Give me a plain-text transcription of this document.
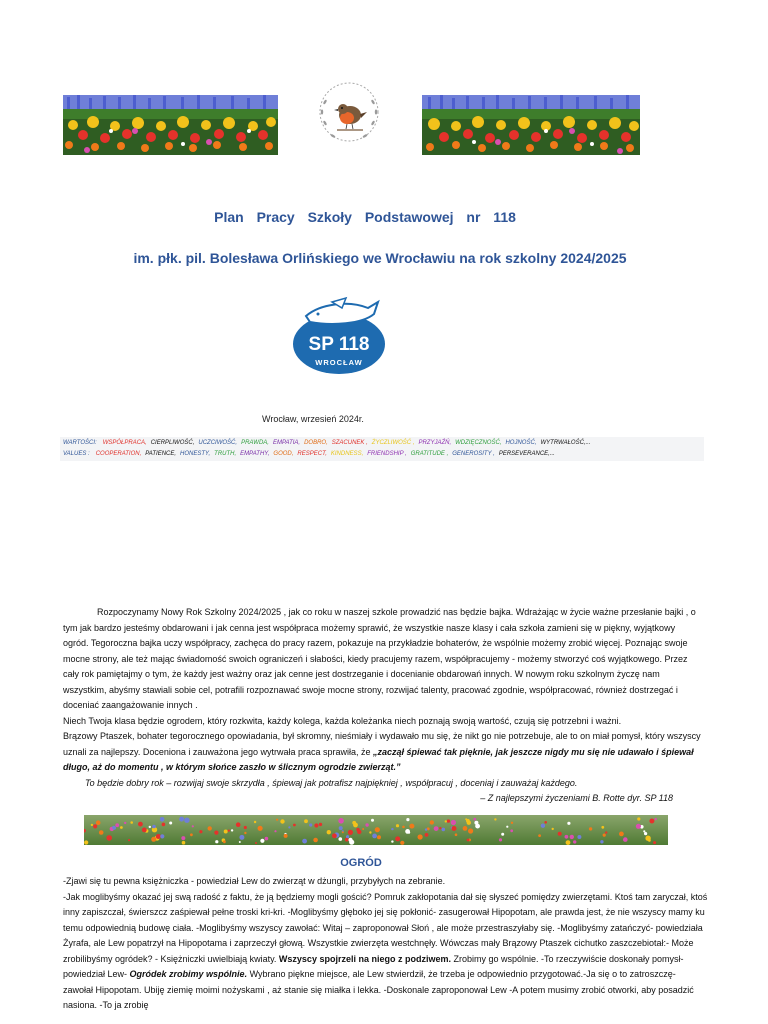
Plan Pracy Szkoły Podstawowej nr 118
im. płk. pil. Bolesława Orlińskiego we Wrocławiu na rok szkolny 2024/2025
SP 118
WROCŁAW
Wrocław, wrzesień 2024r.
WARTOŚCI: WSPÓŁPRACA, CIERPLIWOŚĆ, UCZCIWOŚĆ, PRAWDA, EMPATIA, DOBRO, SZACUNEK , ŻYCZLIWOŚĆ , PRZYJAŹŃ, WDZIĘCZNOŚĆ, HOJNOŚĆ, WYTRWAŁOŚĆ,...
VALUES : COOPERATION, PATIENCE, HONESTY, TRUTH, EMPATHY, GOOD, RESPECT, KINDNESS, FRIENDSHIP , GRATITUDE , GENEROSITY , PERSEVERANCE,...

Rozpoczynamy Nowy Rok Szkolny 2024/2025 , jak co roku w naszej szkole prowadzić nas będzie bajka. Wdrażając w życie ważne przesłanie bajki , o tym jak bardzo jesteśmy obdarowani i jak cenna jest współpraca możemy sprawić, że wszystkie nasze klasy i cała szkoła zamieni się w piękny, wyjątkowy ogród. Tegoroczna bajka uczy współpracy, zachęca do pracy razem, pokazuje na przykładzie bohaterów, że wspólnie możemy zrobić więcej. Poznając swoje mocne strony, ale też mając świadomość swoich ograniczeń i słabości, kiedy pracujemy razem, współpracujemy - możemy stworzyć coś wyjątkowego. Przez cały rok pamiętajmy o tym, że każdy jest ważny oraz jak cenne jest dostrzeganie i docenianie obdarowań innych. W nowym roku szkolnym życzę nam wszystkim, abyśmy stawiali sobie cel, potrafili rozpoznawać swoje mocne strony, rozwijać talenty, pracować zgodnie, współpracować, również dostrzegać i doceniać zaangażowanie innych .

Niech Twoja klasa będzie ogrodem, który rozkwita, każdy kolega, każda koleżanka niech poznają swoją wartość, czują się potrzebni i ważni.

Brązowy Ptaszek, bohater tegorocznego opowiadania, był skromny, nieśmiały i wydawało mu się, że nikt go nie potrzebuje, ale to on miał pomysł, który wszyscy uznali za najlepszy. Doceniona i zauważona jego wytrwała praca sprawiła, że „zaczął śpiewać tak pięknie, jak jeszcze nigdy mu się nie udawało i śpiewał długo, aż do momentu , w którym słońce zaszło w ślicznym ogrodzie zwierząt.”

To będzie dobry rok – rozwijaj swoje skrzydła , śpiewaj jak potrafisz najpiękniej , współpracuj , doceniaj i zauważaj każdego.

– Z najlepszymi życzeniami B. Rotte dyr. SP 118

OGRÓD

-Zjawi się tu pewna księżniczka - powiedział Lew do zwierząt w dżungli, przybyłych na zebranie.

-Jak moglibyśmy okazać jej swą radość z faktu, że ją będziemy mogli gościć? Pomruk zakłopotania dał się słyszeć pomiędzy zwierzętami. Ktoś tam zaryczał, ktoś inny zapiszczał, świerszcz zaśpiewał pełne troski kri-kri. -Moglibyśmy głęboko jej się pokłonić- zasugerował Hipopotam, ale prawda jest, że nie wszyscy mamy ku temu odpowiednią budowę ciała. -Moglibyśmy wszyscy zawołać: Witaj – zaproponował Słoń , ale może przestraszyłaby się. -Moglibyśmy zatańczyć- powiedziała Żyrafa, ale Lew popatrzył na Hipopotama i zaprzeczył głową. Wszystkie zwierzęta westchnęły. Wówczas mały Brązowy Ptaszek cichutko zaszczebiotał:- Może zrobilibyśmy ogródek? - Księżniczki uwielbiają kwiaty. Wszyscy spojrzeli na niego z podziwem. Zrobimy go wspólnie. -To rzeczywiście doskonały pomysł-powiedział Lew- Ogródek zrobimy wspólnie. Wybrano piękne miejsce, ale Lew stwierdził, że trzeba je odpowiednio przygotować.-Ja się o to zatroszczę- zawołał Hipopotam. Ubiję ziemię moimi nożyskami , aż stanie się miałka i lekka. -Doskonale zaproponował Lew -A potem musimy zrobić otworki, aby posadzić nasiona. -To ja zrobię
